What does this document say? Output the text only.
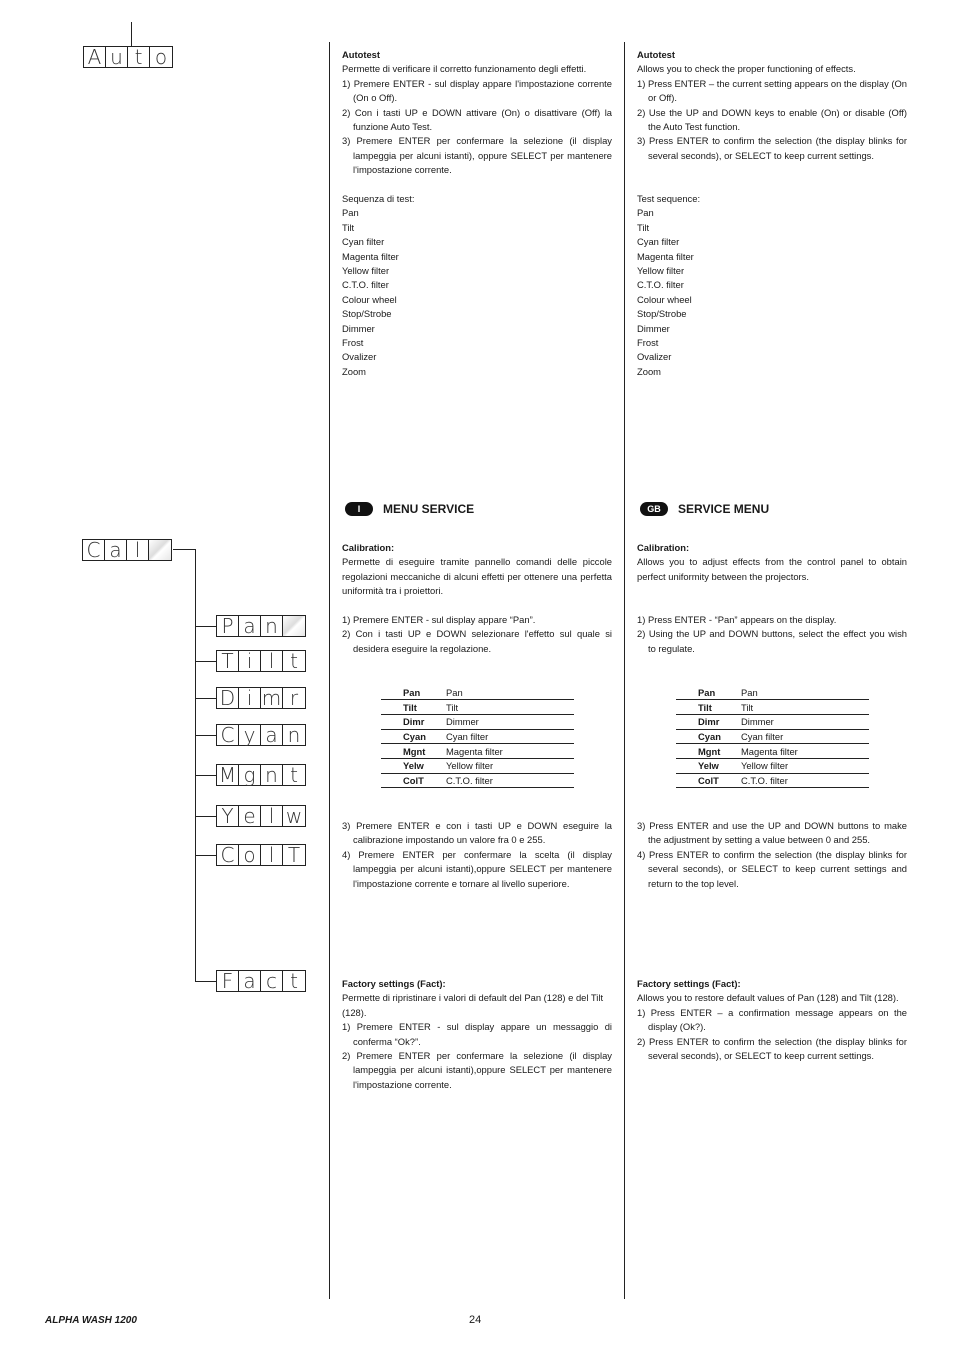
A u t o
C a l
P a n
T i l t
D i m r
C y a n
M g n t
Y e l w
C o l T
F a c t

Autotest

Permette di verificare il corretto funzionamento degli effetti.

1) Premere ENTER - sul display appare l'impostazione corrente (On o Off).

2) Con i tasti UP e DOWN attivare (On) o disattivare (Off) la funzione Auto Test.

3) Premere ENTER per confermare la selezione (il display lampeggia per alcuni istanti), oppure SELECT per mantenere l'impostazione corrente.

Sequenza di test:

Pan

Tilt

Cyan filter

Magenta filter

Yellow filter

C.T.O. filter

Colour wheel

Stop/Strobe

Dimmer

Frost

Ovalizer

Zoom

I	MENU SERVICE

Calibration:

Permette di eseguire tramite pannello comandi delle piccole regolazioni meccaniche di alcuni effetti per ottenere una perfetta uniformità tra i proiettori.

1) Premere ENTER - sul display appare “Pan”.

2) Con i tasti UP e DOWN selezionare l'effetto sul quale si desidera eseguire la regolazione.

Pan	Pan
Tilt	Tilt
Dimr	Dimmer
Cyan	Cyan filter
Mgnt	Magenta filter
Yelw	Yellow filter
ColT	C.T.O. filter

3) Premere ENTER e con i tasti UP e DOWN eseguire la calibrazione impostando un valore fra 0 e 255.

4) Premere ENTER per confermare la scelta (il display lampeggia per alcuni istanti),oppure SELECT per mantenere l'impostazione corrente e tornare al livello superiore.

Factory settings (Fact):

Permette di ripristinare i valori di default del Pan (128) e del Tilt (128).

1) Premere ENTER - sul display appare un messaggio di conferma “Ok?”.

2) Premere ENTER per confermare la selezione (il display lampeggia per alcuni istanti),oppure SELECT per mantenere l'impostazione corrente.

Autotest

Allows you to check the proper functioning of effects.

1) Press ENTER – the current setting appears on the display (On or Off).

2) Use the UP and DOWN keys to enable (On) or disable (Off) the Auto Test function.

3) Press ENTER to confirm the selection (the display blinks for several seconds), or SELECT to keep current settings.

Test sequence:

Pan

Tilt

Cyan filter

Magenta filter

Yellow filter

C.T.O. filter

Colour wheel

Stop/Strobe

Dimmer

Frost

Ovalizer

Zoom

GB	SERVICE MENU

Calibration:

Allows you to adjust effects from the control panel to obtain perfect uniformity between the projectors.

1) Press ENTER - “Pan” appears on the display.

2) Using the UP and DOWN buttons, select the effect you wish to regulate.

Pan	Pan
Tilt	Tilt
Dimr	Dimmer
Cyan	Cyan filter
Mgnt	Magenta filter
Yelw	Yellow filter
ColT	C.T.O. filter

3) Press ENTER and use the UP and DOWN buttons to make the adjustment by setting a value between 0 and 255.

4) Press ENTER to confirm the selection (the display blinks for several seconds), or SELECT to keep current settings and return to the top level.

Factory settings (Fact):

Allows you to restore default values of Pan (128) and Tilt (128).

1) Press ENTER – a confirmation message appears on the display (Ok?).

2) Press ENTER to confirm the selection (the display blinks for several seconds), or SELECT to keep current settings.

ALPHA WASH 1200	24
